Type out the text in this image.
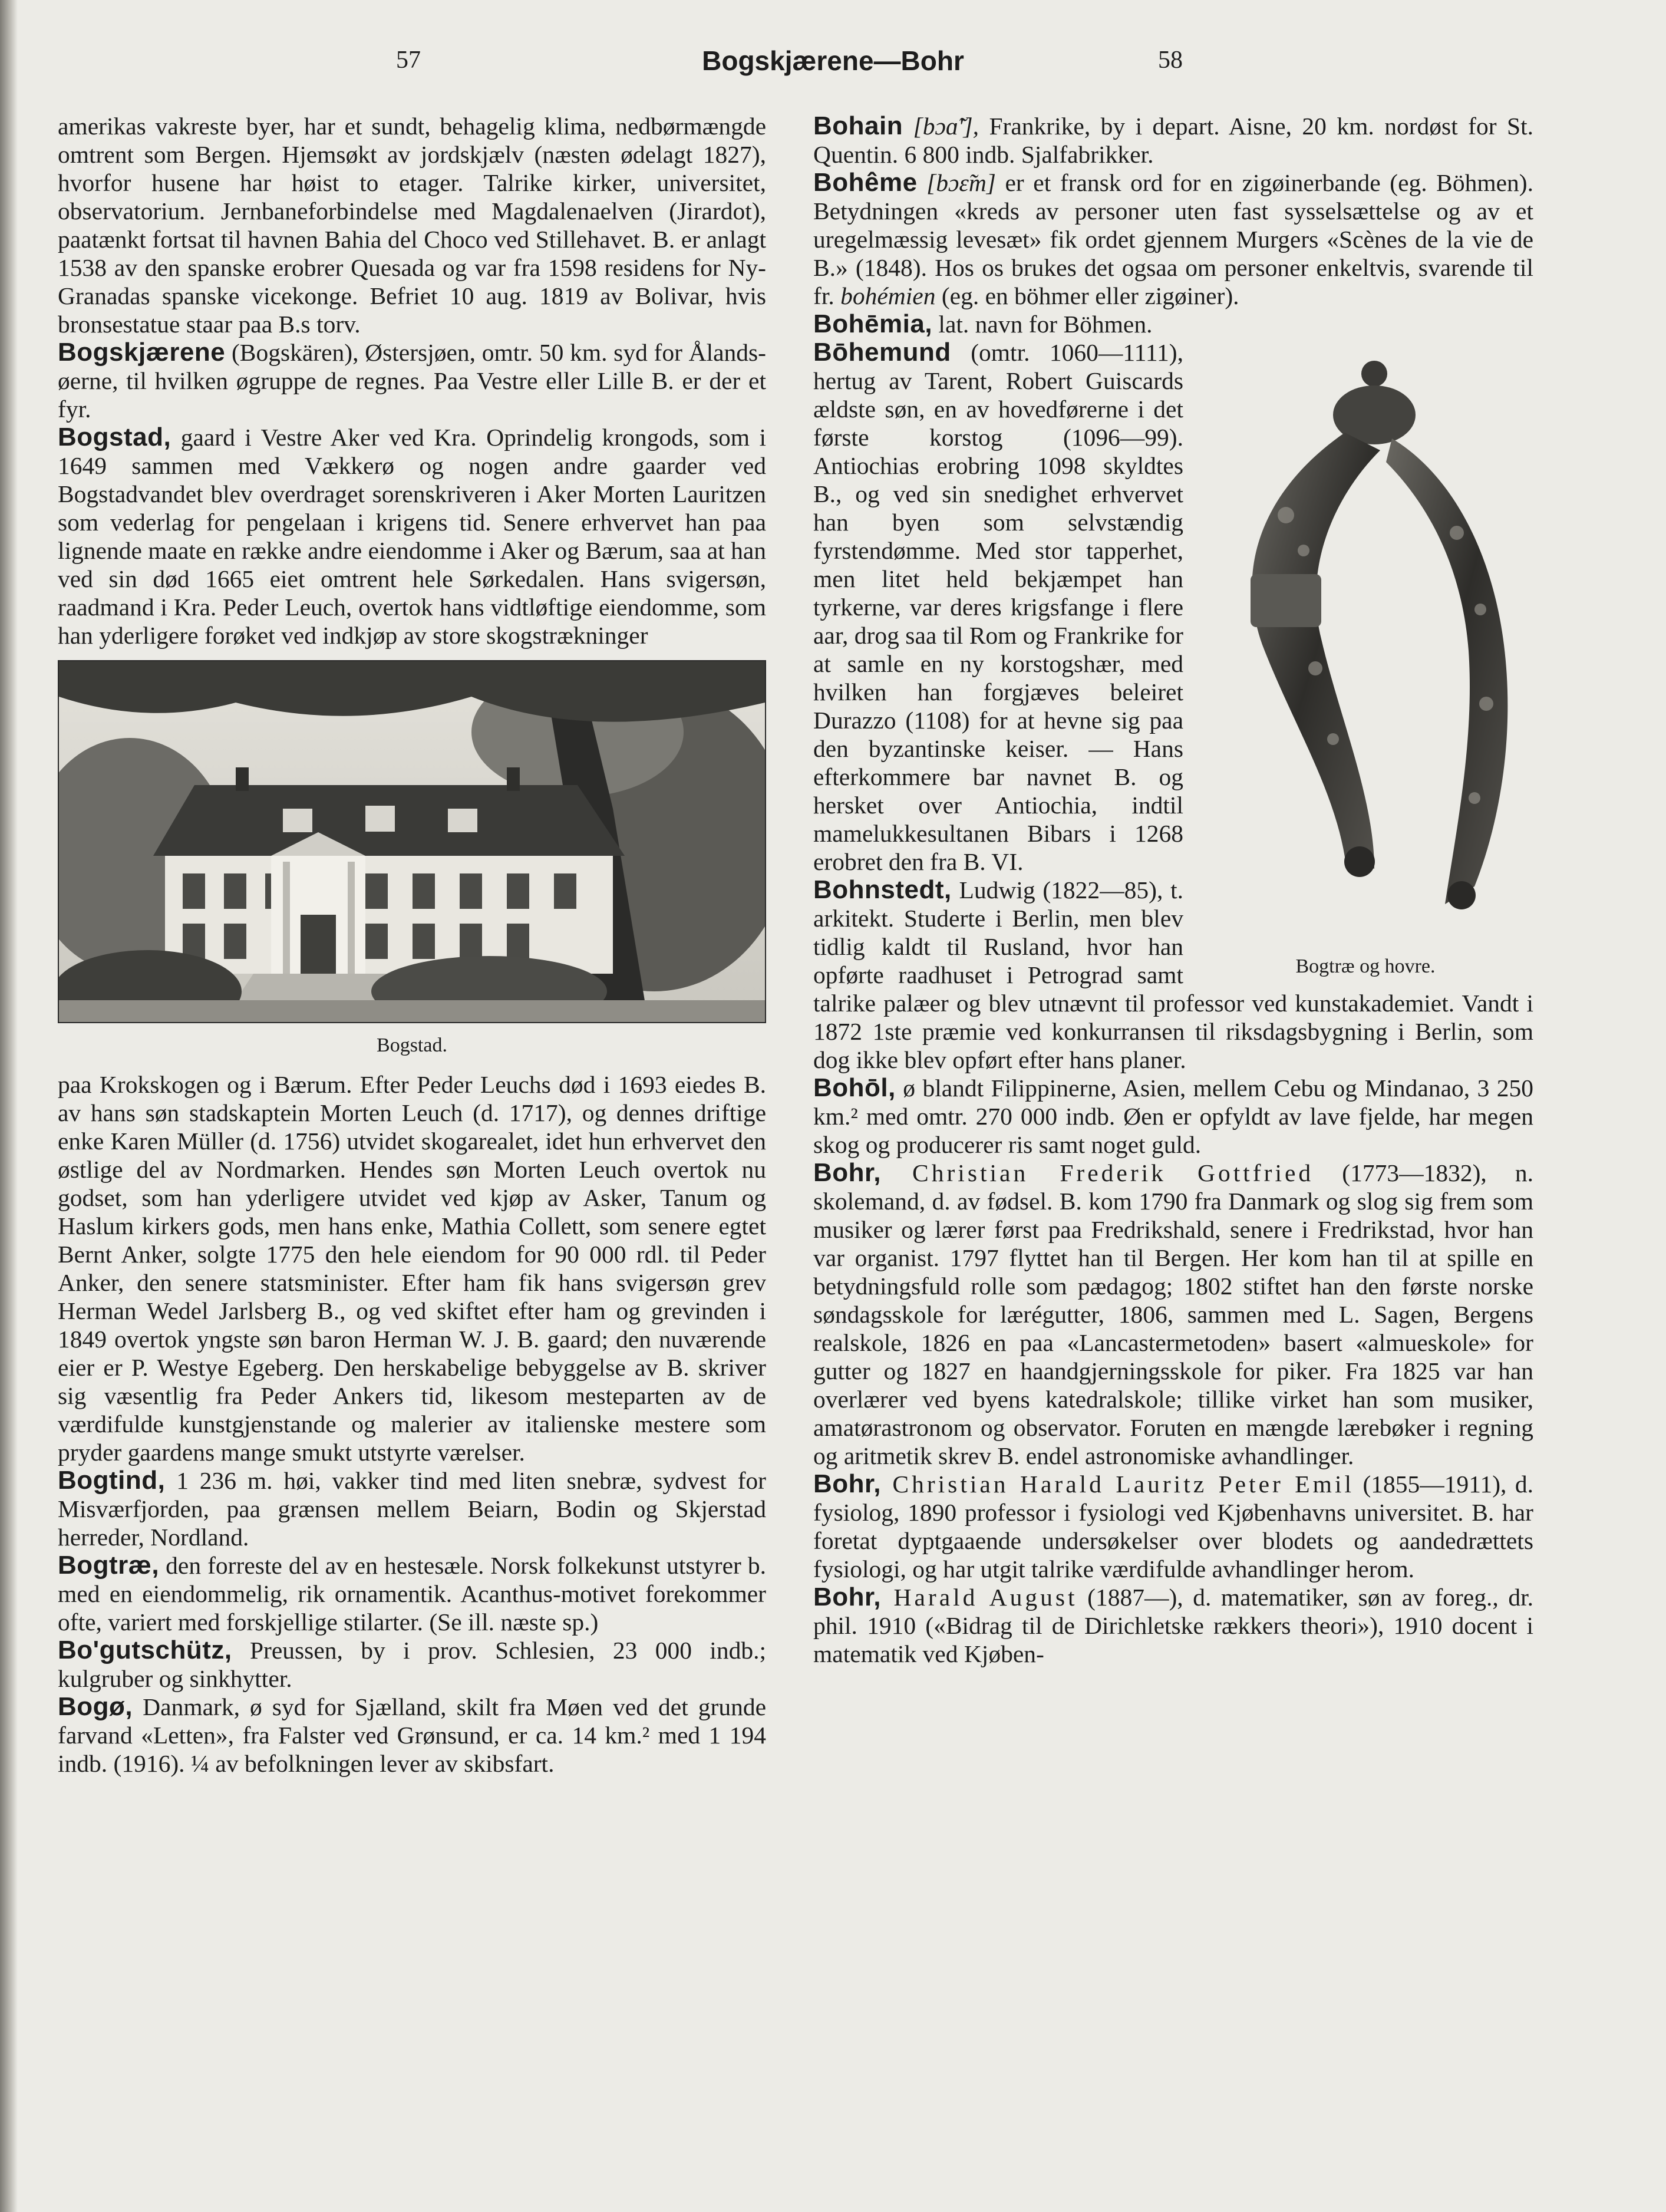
57	Bogskjærene—Bohr	58

amerikas vakreste byer, har et sundt, behagelig klima, nedbørmængde omtrent som Bergen. Hjemsøkt av jordskjælv (næsten ødelagt 1827), hvorfor husene har høist to etager. Talrike kirker, universitet, observatorium. Jernbaneforbindelse med Magdalenaelven (Jirardot), paatænkt fortsat til havnen Bahia del Choco ved Stillehavet. B. er anlagt 1538 av den spanske erobrer Quesada og var fra 1598 residens for Ny-Granadas spanske vicekonge. Befriet 10 aug. 1819 av Bolivar, hvis bronsestatue staar paa B.s torv.

Bogskjærene (Bogskären), Østersjøen, omtr. 50 km. syd for Ålands-øerne, til hvilken øgruppe de regnes. Paa Vestre eller Lille B. er der et fyr.

Bogstad, gaard i Vestre Aker ved Kra. Oprindelig krongods, som i 1649 sammen med Vækkerø og nogen andre gaarder ved Bogstadvandet blev overdraget sorenskriveren i Aker Morten Lauritzen som vederlag for pengelaan i krigens tid. Senere erhvervet han paa lignende maate en række andre eiendomme i Aker og Bærum, saa at han ved sin død 1665 eiet omtrent hele Sørkedalen. Hans svigersøn, raadmand i Kra. Peder Leuch, overtok hans vidtløftige eiendomme, som han yderligere forøket ved indkjøp av store skogstrækninger

Bogstad.

paa Krokskogen og i Bærum. Efter Peder Leuchs død i 1693 eiedes B. av hans søn stadskaptein Morten Leuch (d. 1717), og dennes driftige enke Karen Müller (d. 1756) utvidet skogarealet, idet hun erhvervet den østlige del av Nordmarken. Hendes søn Morten Leuch overtok nu godset, som han yderligere utvidet ved kjøp av Asker, Tanum og Haslum kirkers gods, men hans enke, Mathia Collett, som senere egtet Bernt Anker, solgte 1775 den hele eiendom for 90 000 rdl. til Peder Anker, den senere statsminister. Efter ham fik hans svigersøn grev Herman Wedel Jarlsberg B., og ved skiftet efter ham og grevinden i 1849 overtok yngste søn baron Herman W. J. B. gaard; den nuværende eier er P. Westye Egeberg. Den herskabelige bebyggelse av B. skriver sig væsentlig fra Peder Ankers tid, likesom mesteparten av de værdifulde kunstgjenstande og malerier av italienske mestere som pryder gaardens mange smukt utstyrte værelser.

Bogtind, 1 236 m. høi, vakker tind med liten snebræ, sydvest for Misværfjorden, paa grænsen mellem Beiarn, Bodin og Skjerstad herreder, Nordland.

Bogtræ, den forreste del av en hestesæle. Norsk folkekunst utstyrer b. med en eiendommelig, rik ornamentik. Acanthus-motivet forekommer ofte, variert med forskjellige stilarter. (Se ill. næste sp.)

Bo'gutschütz, Preussen, by i prov. Schlesien, 23 000 indb.; kulgruber og sinkhytter.

Bogø, Danmark, ø syd for Sjælland, skilt fra Møen ved det grunde farvand «Letten», fra Falster ved Grønsund, er ca. 14 km.² med 1 194 indb. (1916). ¼ av befolkningen lever av skibsfart.

Bohain [bɔɑ̃'], Frankrike, by i depart. Aisne, 20 km. nordøst for St. Quentin. 6 800 indb. Sjalfabrikker.

Bohême [bɔɛ̃m] er et fransk ord for en zigøinerbande (eg. Böhmen). Betydningen «kreds av personer uten fast sysselsættelse og av et uregelmæssig levesæt» fik ordet gjennem Murgers «Scènes de la vie de B.» (1848). Hos os brukes det ogsaa om personer enkeltvis, svarende til fr. bohémien (eg. en böhmer eller zigøiner).

Bohēmia, lat. navn for Böhmen.

Bogtræ og hovre.

Bōhemund (omtr. 1060—1111), hertug av Tarent, Robert Guiscards ældste søn, en av hovedførerne i det første korstog (1096—99). Antiochias erobring 1098 skyldtes B., og ved sin snedighet erhvervet han byen som selvstændig fyrstendømme. Med stor tapperhet, men litet held bekjæmpet han tyrkerne, var deres krigsfange i flere aar, drog saa til Rom og Frankrike for at samle en ny korstogshær, med hvilken han forgjæves beleiret Durazzo (1108) for at hevne sig paa den byzantinske keiser. — Hans efterkommere bar navnet B. og hersket over Antiochia, indtil mamelukkesultanen Bibars i 1268 erobret den fra B. VI.

Bohnstedt, Ludwig (1822—85), t. arkitekt. Studerte i Berlin, men blev tidlig kaldt til Rusland, hvor han opførte raadhuset i Petrograd samt talrike palæer og blev utnævnt til professor ved kunstakademiet. Vandt i 1872 1ste præmie ved konkurransen til riksdagsbygning i Berlin, som dog ikke blev opført efter hans planer.

Bohōl, ø blandt Filippinerne, Asien, mellem Cebu og Mindanao, 3 250 km.² med omtr. 270 000 indb. Øen er opfyldt av lave fjelde, har megen skog og producerer ris samt noget guld.

Bohr, Christian Frederik Gottfried (1773—1832), n. skolemand, d. av fødsel. B. kom 1790 fra Danmark og slog sig frem som musiker og lærer først paa Fredrikshald, senere i Fredrikstad, hvor han var organist. 1797 flyttet han til Bergen. Her kom han til at spille en betydningsfuld rolle som pædagog; 1802 stiftet han den første norske søndagsskole for lærégutter, 1806, sammen med L. Sagen, Bergens realskole, 1826 en paa «Lancastermetoden» basert «almueskole» for gutter og 1827 en haandgjerningsskole for piker. Fra 1825 var han overlærer ved byens katedralskole; tillike virket han som musiker, amatørastronom og observator. Foruten en mængde lærebøker i regning og aritmetik skrev B. endel astronomiske avhandlinger.

Bohr, Christian Harald Lauritz Peter Emil (1855—1911), d. fysiolog, 1890 professor i fysiologi ved Kjøbenhavns universitet. B. har foretat dyptgaaende undersøkelser over blodets og aandedrættets fysiologi, og har utgit talrike værdifulde avhandlinger herom.

Bohr, Harald August (1887—), d. matematiker, søn av foreg., dr. phil. 1910 («Bidrag til de Dirichletske rækkers theori»), 1910 docent i matematik ved Kjøben-
